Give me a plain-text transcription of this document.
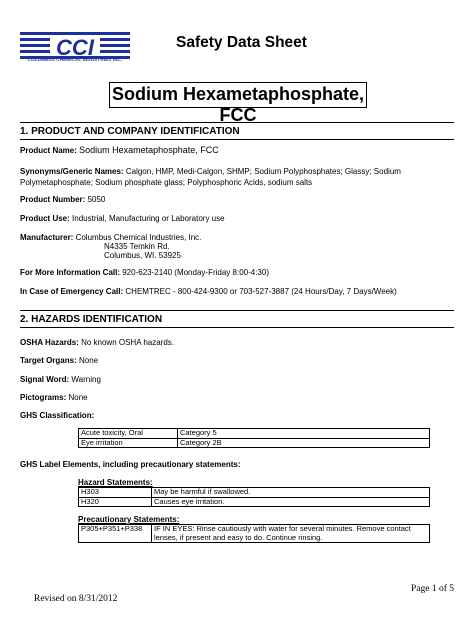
CCI
COLUMBUS CHEMICAL INDUSTRIES INC.
Safety Data Sheet
Sodium Hexametaphosphate, FCC
1. PRODUCT AND COMPANY IDENTIFICATION
Product Name: Sodium Hexametaphosphate, FCC
Synonyms/Generic Names: Calgon, HMP, Medi-Calgon, SHMP; Sodium Polyphosphates; Glassy; Sodium
Polymetaphosphate; Sodium phosphate glass; Polyphosphoric Acids, sodium salts
Product Number: 5050
Product Use: Industrial, Manufacturing or Laboratory use
Manufacturer: Columbus Chemical Industries, Inc.
N4335 Temkin Rd.
Columbus, WI. 53925
For More Information Call: 920-623-2140 (Monday-Friday 8:00-4:30)
In Case of Emergency Call: CHEMTREC - 800-424-9300 or 703-527-3887 (24 Hours/Day, 7 Days/Week)
2. HAZARDS IDENTIFICATION
OSHA Hazards: No known OSHA hazards.
Target Organs: None
Signal Word: Warning
Pictograms: None
GHS Classification:
Acute toxicity, Oral	Category 5
Eye irritation	Category 2B
GHS Label Elements, including precautionary statements:
Hazard Statements:
H303	May be harmful if swallowed.
H320	Causes eye irritation.
Precautionary Statements:
P305+P351+P338	IF IN EYES: Rinse cautiously with water for several minutes. Remove contact
lenses, if present and easy to do. Continue rinsing.
Page 1 of 5
Revised on 8/31/2012
